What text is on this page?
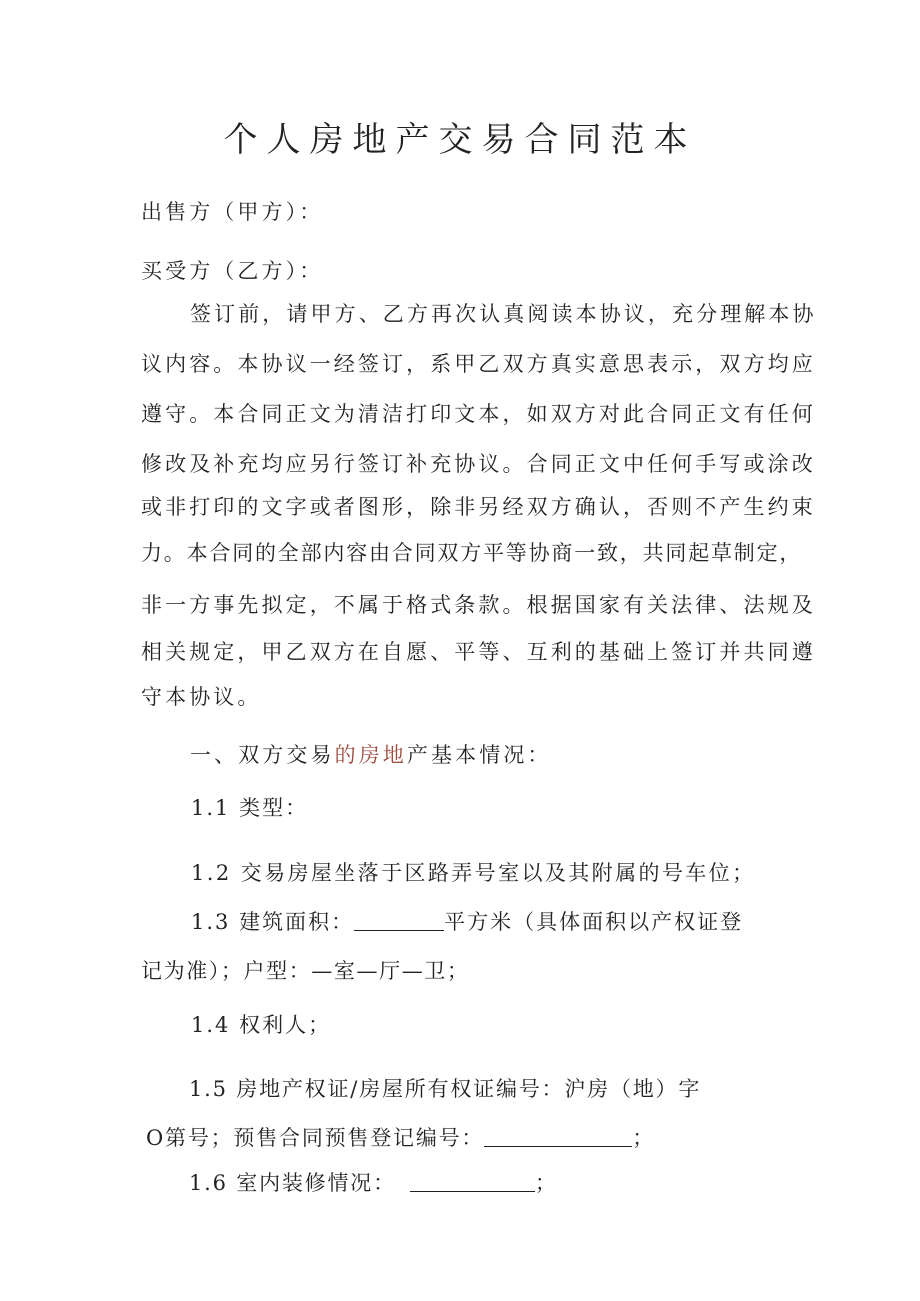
个人房地产交易合同范本
出售方（甲方）：
买受方（乙方）：
签订前，请甲方、乙方再次认真阅读本协议，充分理解本协
议内容。本协议一经签订，系甲乙双方真实意思表示，双方均应
遵守。本合同正文为清洁打印文本，如双方对此合同正文有任何
修改及补充均应另行签订补充协议。合同正文中任何手写或涂改
或非打印的文字或者图形，除非另经双方确认，否则不产生约束
力。本合同的全部内容由合同双方平等协商一致，共同起草制定，
非一方事先拟定，不属于格式条款。根据国家有关法律、法规及
相关规定，甲乙双方在自愿、平等、互利的基础上签订并共同遵
守本协议。
一、双方交易的房地产基本情况：
1.1 类型：
1.2 交易房屋坐落于区路弄号室以及其附属的号车位；
1.3 建筑面积：	平方米（具体面积以产权证登
记为准）；户型：—室—厅—卫；
1.4 权利人；
1.5 房地产权证/房屋所有权证编号：沪房（地）字
O第号；预售合同预售登记编号：	；
1.6 室内装修情况：	；
